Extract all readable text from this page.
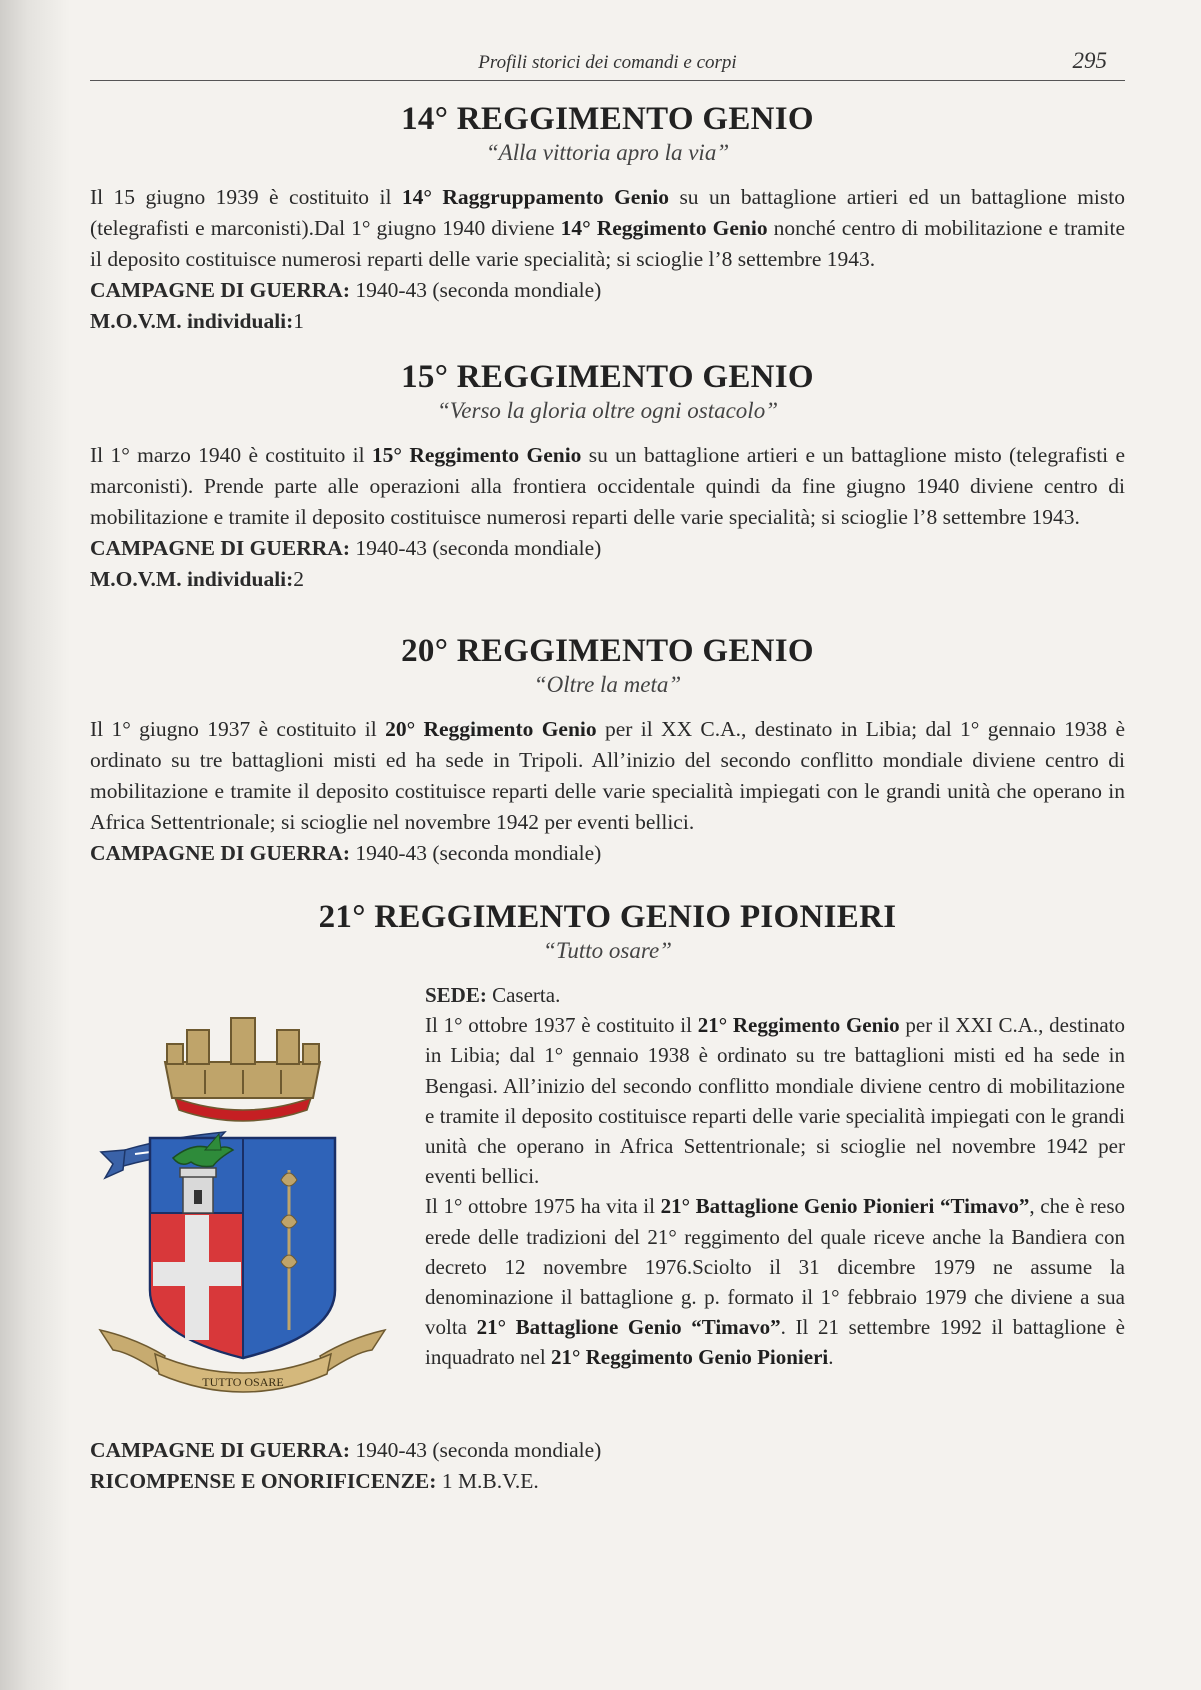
Profili storici dei comandi e corpi	295
14° REGGIMENTO GENIO
“Alla vittoria apro la via”

Il 15 giugno 1939 è costituito il 14° Raggruppamento Genio su un battaglione artieri ed un battaglione misto (telegrafisti e marconisti).Dal 1° giugno 1940 diviene 14° Reggimento Genio nonché centro di mobilitazione e tramite il deposito costituisce numerosi reparti delle varie specialità; si scioglie l’8 settembre 1943.

CAMPAGNE DI GUERRA: 1940-43 (seconda mondiale)

M.O.V.M. individuali:1

15° REGGIMENTO GENIO
“Verso la gloria oltre ogni ostacolo”

Il 1° marzo 1940 è costituito il 15° Reggimento Genio su un battaglione artieri e un battaglione misto (telegrafisti e marconisti). Prende parte alle operazioni alla frontiera occidentale quindi da fine giugno 1940 diviene centro di mobilitazione e tramite il deposito costituisce numerosi reparti delle varie specialità; si scioglie l’8 settembre 1943.

CAMPAGNE DI GUERRA: 1940-43 (seconda mondiale)

M.O.V.M. individuali:2

20° REGGIMENTO GENIO
“Oltre la meta”

Il 1° giugno 1937 è costituito il 20° Reggimento Genio per il XX C.A., destinato in Libia; dal 1° gennaio 1938 è ordinato su tre battaglioni misti ed ha sede in Tripoli. All’inizio del secondo conflitto mondiale diviene centro di mobilitazione e tramite il deposito costituisce reparti delle varie specialità impiegati con le grandi unità che operano in Africa Settentrionale; si scioglie nel novembre 1942 per eventi bellici.

CAMPAGNE DI GUERRA: 1940-43 (seconda mondiale)

21° REGGIMENTO GENIO PIONIERI
“Tutto osare”
TUTTO OSARE

SEDE: Caserta.

Il 1° ottobre 1937 è costituito il 21° Reggimento Genio per il XXI C.A., destinato in Libia; dal 1° gennaio 1938 è ordinato su tre battaglioni misti ed ha sede in Bengasi. All’inizio del secondo conflitto mondiale diviene centro di mobilitazione e tramite il deposito costituisce reparti delle varie specialità impiegati con le grandi unità che operano in Africa Settentrionale; si scioglie nel novembre 1942 per eventi bellici.

Il 1° ottobre 1975 ha vita il 21° Battaglione Genio Pionieri “Timavo”, che è reso erede delle tradizioni del 21° reggimento del quale riceve anche la Bandiera con decreto 12 novembre 1976.Sciolto il 31 dicembre 1979 ne assume la denominazione il battaglione g. p. formato il 1° febbraio 1979 che diviene a sua volta 21° Battaglione Genio “Timavo”. Il 21 settembre 1992 il battaglione è inquadrato nel 21° Reggimento Genio Pionieri.

CAMPAGNE DI GUERRA: 1940-43 (seconda mondiale)

RICOMPENSE E ONORIFICENZE: 1 M.B.V.E.
